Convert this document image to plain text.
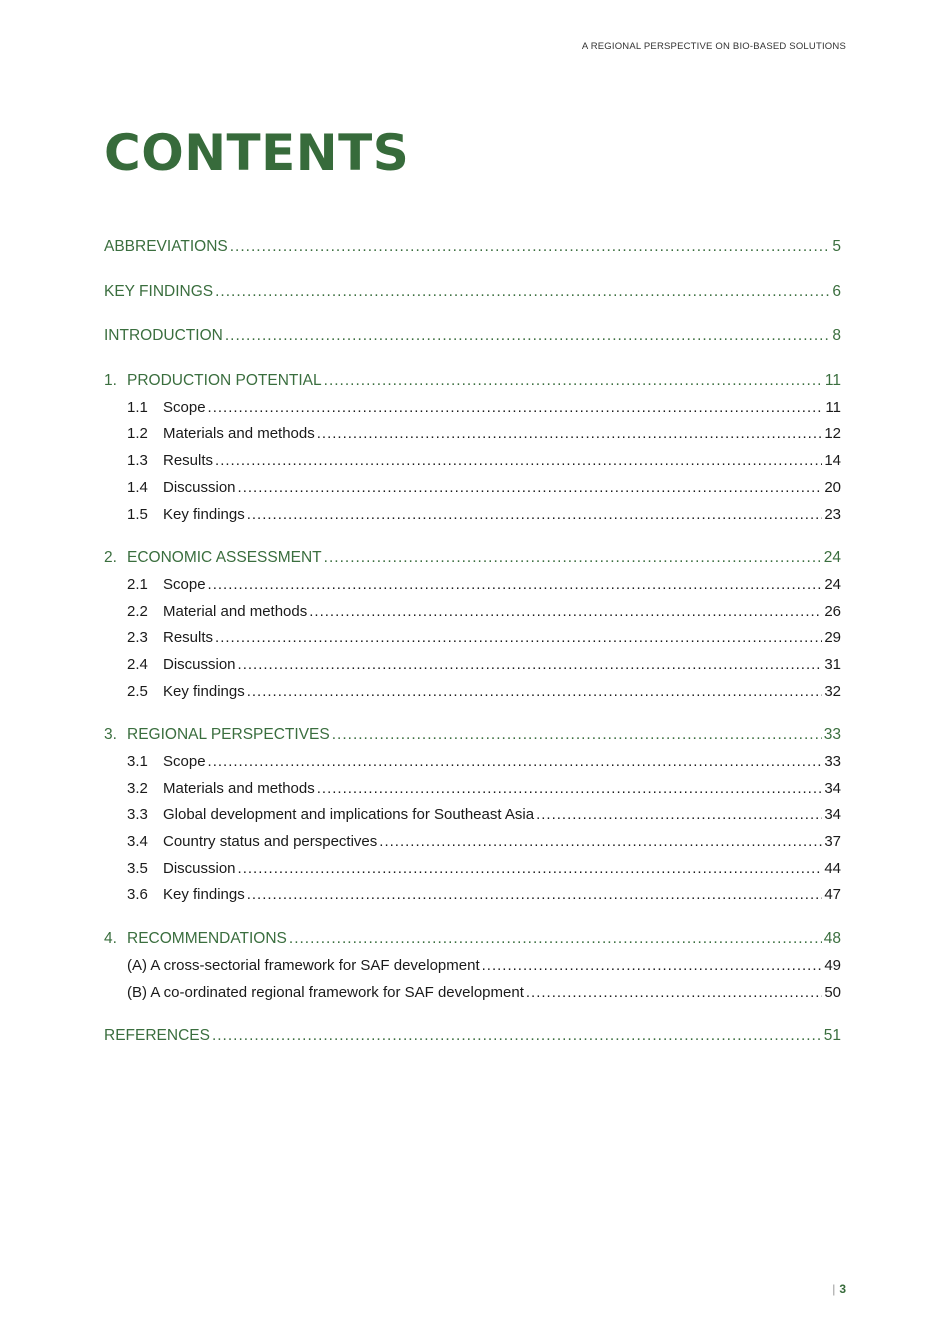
A REGIONAL PERSPECTIVE ON BIO-BASED SOLUTIONS
CONTENTS
ABBREVIATIONS .....	5
KEY FINDINGS .....	6
INTRODUCTION .....	8
1. PRODUCTION POTENTIAL .....	11
1.1	Scope .....	11
1.2	Materials and methods .....	12
1.3	Results .....	14
1.4	Discussion .....	20
1.5	Key findings .....	23
2. ECONOMIC ASSESSMENT .....	24
2.1	Scope .....	24
2.2	Material and methods .....	26
2.3	Results .....	29
2.4	Discussion .....	31
2.5	Key findings .....	32
3. REGIONAL PERSPECTIVES .....	33
3.1	Scope .....	33
3.2	Materials and methods .....	34
3.3	Global development and implications for Southeast Asia .....	34
3.4	Country status and perspectives .....	37
3.5	Discussion .....	44
3.6	Key findings .....	47
4. RECOMMENDATIONS .....	48
(A) A cross-sectorial framework for SAF development .....	49
(B) A co-ordinated regional framework for SAF development .....	50
REFERENCES .....	51
| 3
